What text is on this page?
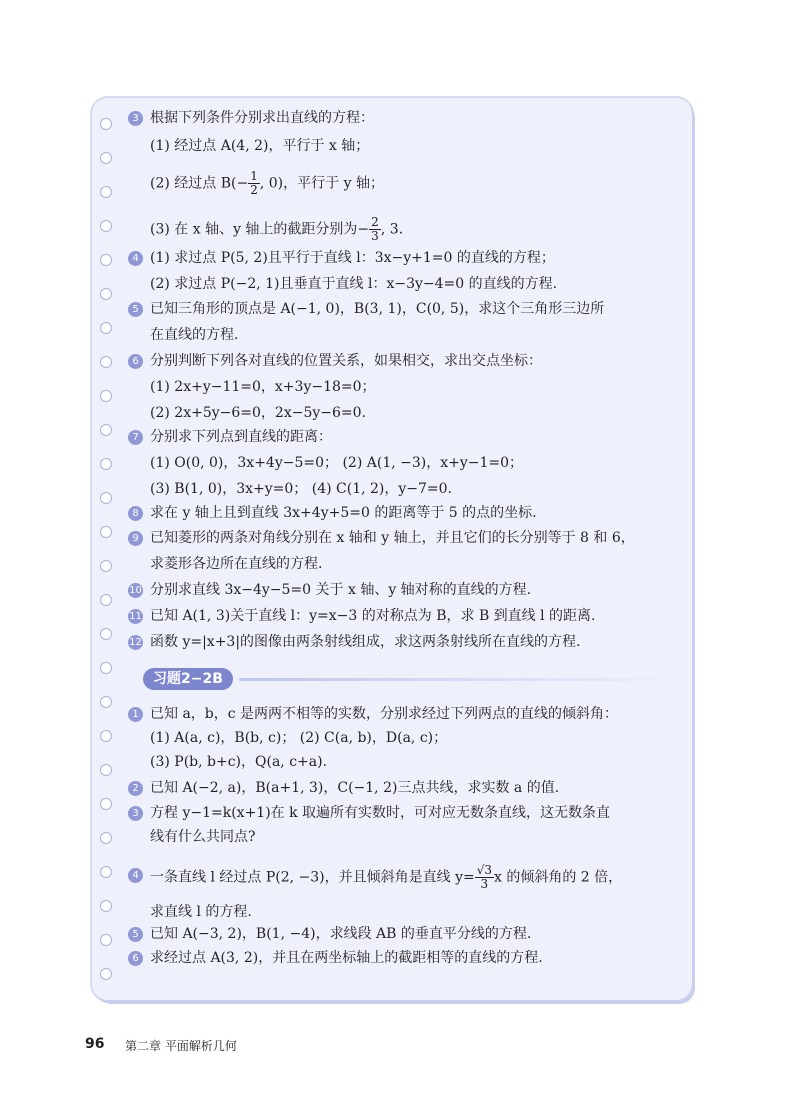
3 根据下列条件分别求出直线的方程：
(1) 经过点 A(4, 2)，平行于 x 轴；
(2) 经过点 $B(- \frac{1}{2}$ , 0)，平行于 y 轴；
(3) 在 x 轴、y 轴上的截距分别为− $\frac{2}{3}$ , 3.
4 (1) 求过点 P(5, 2)且平行于直线 l：3x−y+1=0 的直线的方程；
(2) 求过点 P(−2, 1)且垂直于直线 l：x−3y−4=0 的直线的方程.
5 已知三角形的顶点是 A(−1, 0)，B(3, 1)，C(0, 5)，求这个三角形三边所
在直线的方程.
6 分别判断下列各对直线的位置关系，如果相交，求出交点坐标：
(1) 2x+y−11=0，x+3y−18=0；
(2) 2x+5y−6=0，2x−5y−6=0.
7 分别求下列点到直线的距离：
(1) O(0, 0)，3x+4y−5=0； (2) A(1, −3)，x+y−1=0；
(3) B(1, 0)，3x+y=0； (4) C(1, 2)，y−7=0.
8 求在 y 轴上且到直线 3x+4y+5=0 的距离等于 5 的点的坐标.
9 已知菱形的两条对角线分别在 x 轴和 y 轴上，并且它们的长分别等于 8 和 6，
求菱形各边所在直线的方程.
10 分别求直线 3x−4y−5=0 关于 x 轴、y 轴对称的直线的方程.
11 已知 A(1, 3)关于直线 l：y=x−3 的对称点为 B，求 B 到直线 l 的距离.
12 函数 y=|x+3|的图像由两条射线组成，求这两条射线所在直线的方程.
习题2−2B
1 已知 a，b，c 是两两不相等的实数，分别求经过下列两点的直线的倾斜角：
(1) A(a, c)，B(b, c)； (2) C(a, b)，D(a, c)；
(3) P(b, b+c)，Q(a, c+a).
2 已知 A(−2, a)，B(a+1, 3)，C(−1, 2)三点共线，求实数 a 的值.
3 方程 y−1=k(x+1)在 k 取遍所有实数时，可对应无数条直线，这无数条直
线有什么共同点?
4 一条直线 l 经过点 P(2, −3)，并且倾斜角是直线 $y= \frac{√3}{3}$ x 的倾斜角的 2 倍，
求直线 l 的方程.
5 已知 A(−3, 2)，B(1, −4)，求线段 AB 的垂直平分线的方程.
6 求经过点 A(3, 2)，并且在两坐标轴上的截距相等的直线的方程.
96 第二章 平面解析几何
